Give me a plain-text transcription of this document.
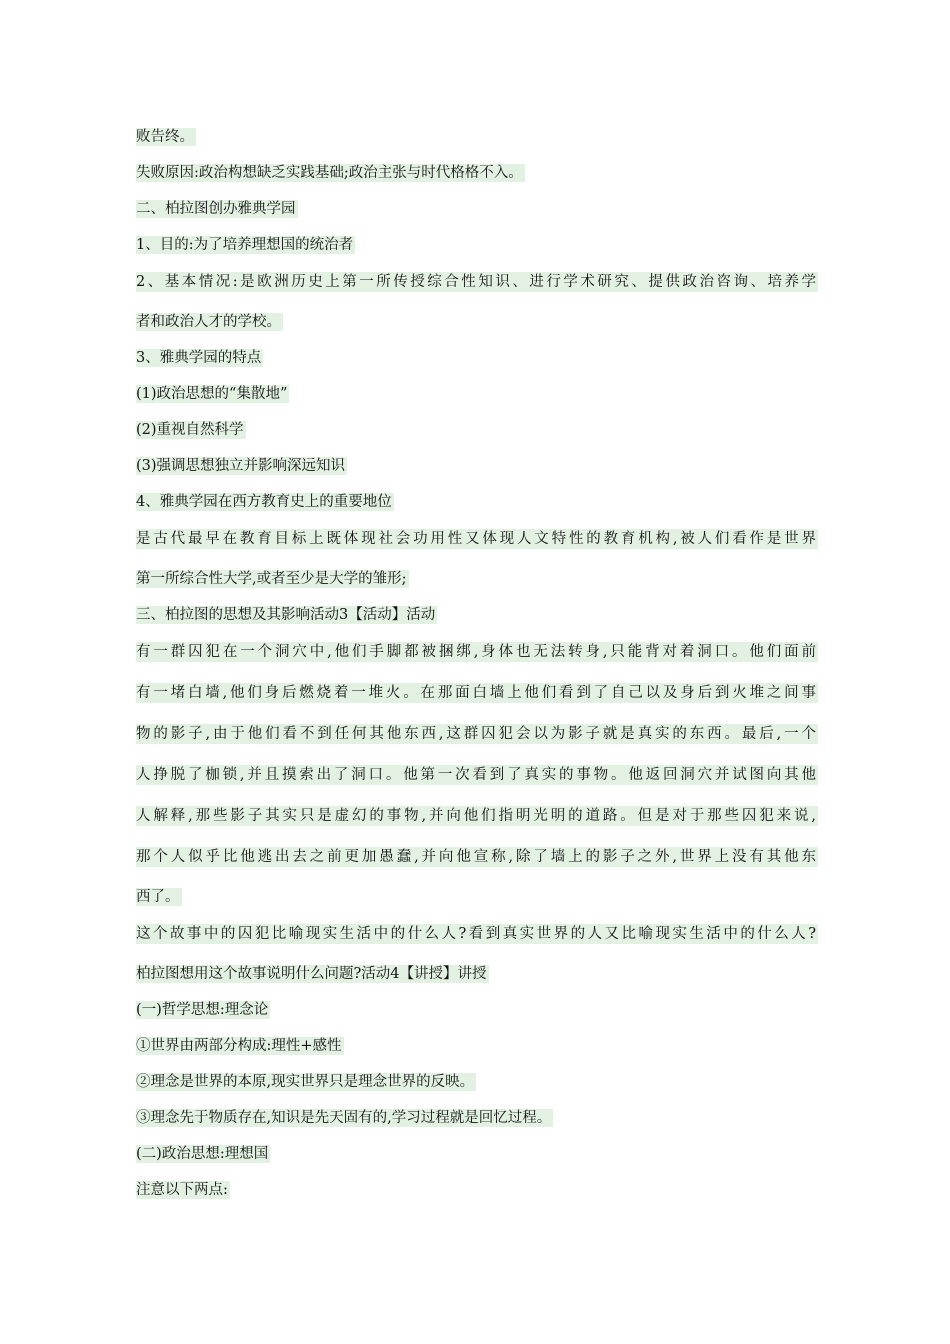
败告终。
失败原因:政治构想缺乏实践基础;政治主张与时代格格不入。
二、柏拉图创办雅典学园
1、目的:为了培养理想国的统治者
2、基本情况:是欧洲历史上第一所传授综合性知识、进行学术研究、提供政治咨询、培养学
者和政治人才的学校。
3、雅典学园的特点
(1)政治思想的“集散地”
(2)重视自然科学
(3)强调思想独立并影响深远知识
4、雅典学园在西方教育史上的重要地位
是古代最早在教育目标上既体现社会功用性又体现人文特性的教育机构,被人们看作是世界
第一所综合性大学,或者至少是大学的雏形;
三、柏拉图的思想及其影响活动3【活动】活动
有一群囚犯在一个洞穴中,他们手脚都被捆绑,身体也无法转身,只能背对着洞口。他们面前
有一堵白墙,他们身后燃烧着一堆火。在那面白墙上他们看到了自己以及身后到火堆之间事
物的影子,由于他们看不到任何其他东西,这群囚犯会以为影子就是真实的东西。最后,一个
人挣脱了枷锁,并且摸索出了洞口。他第一次看到了真实的事物。他返回洞穴并试图向其他
人解释,那些影子其实只是虚幻的事物,并向他们指明光明的道路。但是对于那些囚犯来说,
那个人似乎比他逃出去之前更加愚蠢,并向他宣称,除了墙上的影子之外,世界上没有其他东
西了。
这个故事中的囚犯比喻现实生活中的什么人?看到真实世界的人又比喻现实生活中的什么人?
柏拉图想用这个故事说明什么问题?活动4【讲授】讲授
(一)哲学思想:理念论
①世界由两部分构成:理性+感性
②理念是世界的本原,现实世界只是理念世界的反映。
③理念先于物质存在,知识是先天固有的,学习过程就是回忆过程。
(二)政治思想:理想国
注意以下两点:
